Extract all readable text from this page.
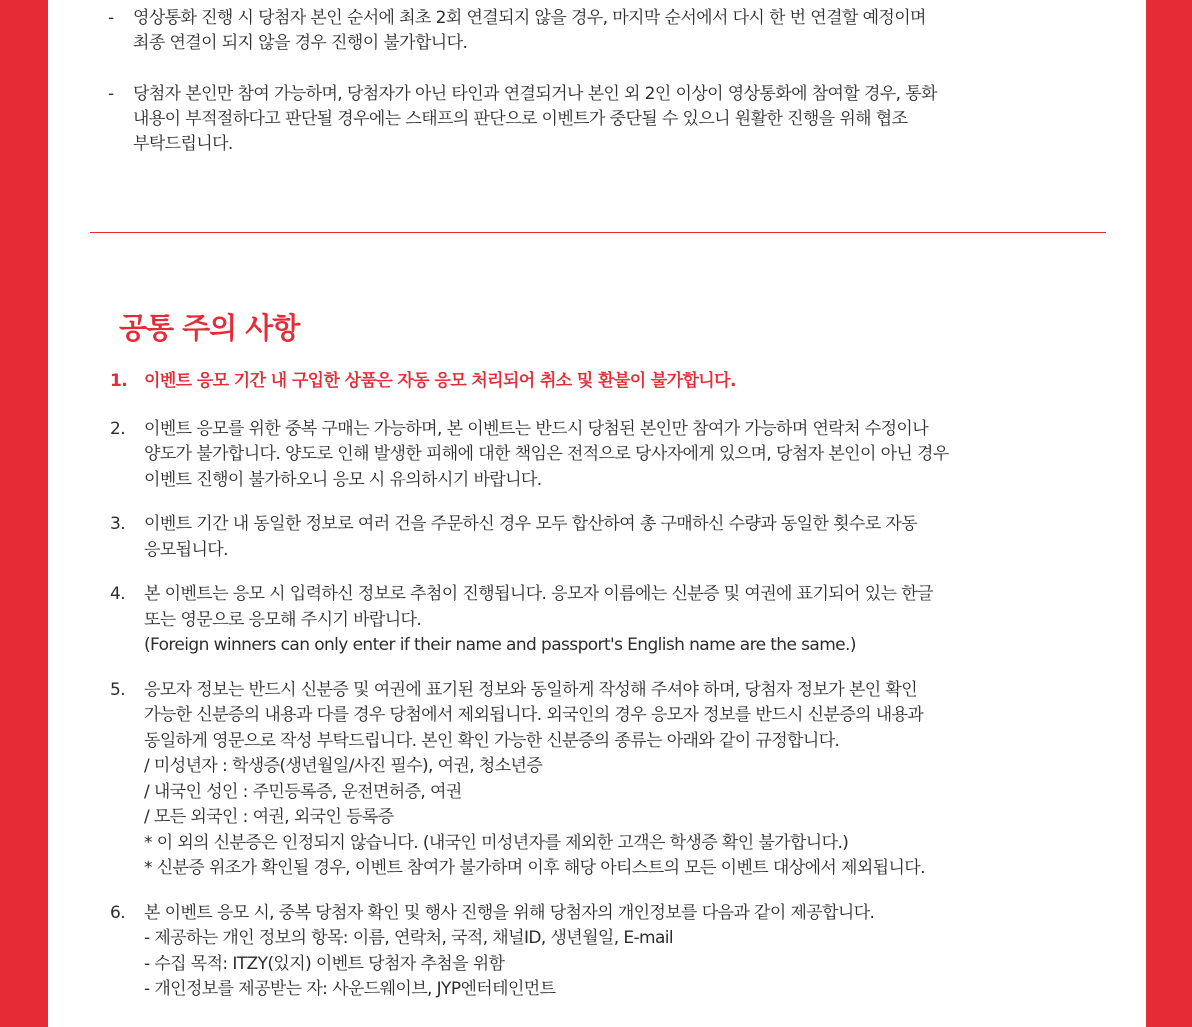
- 영상통화 진행 시 당첨자 본인 순서에 최초 2회 연결되지 않을 경우, 마지막 순서에서 다시 한 번 연결할 예정이며
최종 연결이 되지 않을 경우 진행이 불가합니다.
- 당첨자 본인만 참여 가능하며, 당첨자가 아닌 타인과 연결되거나 본인 외 2인 이상이 영상통화에 참여할 경우, 통화
내용이 부적절하다고 판단될 경우에는 스태프의 판단으로 이벤트가 중단될 수 있으니 원활한 진행을 위해 협조
부탁드립니다.
공통 주의 사항
1. 이벤트 응모 기간 내 구입한 상품은 자동 응모 처리되어 취소 및 환불이 불가합니다.
2. 이벤트 응모를 위한 중복 구매는 가능하며, 본 이벤트는 반드시 당첨된 본인만 참여가 가능하며 연락처 수정이나
양도가 불가합니다. 양도로 인해 발생한 피해에 대한 책임은 전적으로 당사자에게 있으며, 당첨자 본인이 아닌 경우
이벤트 진행이 불가하오니 응모 시 유의하시기 바랍니다.
3. 이벤트 기간 내 동일한 정보로 여러 건을 주문하신 경우 모두 합산하여 총 구매하신 수량과 동일한 횟수로 자동
응모됩니다.
4. 본 이벤트는 응모 시 입력하신 정보로 추첨이 진행됩니다. 응모자 이름에는 신분증 및 여권에 표기되어 있는 한글
또는 영문으로 응모해 주시기 바랍니다.
(Foreign winners can only enter if their name and passport's English name are the same.)
5. 응모자 정보는 반드시 신분증 및 여권에 표기된 정보와 동일하게 작성해 주셔야 하며, 당첨자 정보가 본인 확인
가능한 신분증의 내용과 다를 경우 당첨에서 제외됩니다. 외국인의 경우 응모자 정보를 반드시 신분증의 내용과
동일하게 영문으로 작성 부탁드립니다. 본인 확인 가능한 신분증의 종류는 아래와 같이 규정합니다.
/ 미성년자 : 학생증(생년월일/사진 필수), 여권, 청소년증
/ 내국인 성인 : 주민등록증, 운전면허증, 여권
/ 모든 외국인 : 여권, 외국인 등록증
* 이 외의 신분증은 인정되지 않습니다. (내국인 미성년자를 제외한 고객은 학생증 확인 불가합니다.)
* 신분증 위조가 확인될 경우, 이벤트 참여가 불가하며 이후 해당 아티스트의 모든 이벤트 대상에서 제외됩니다.
6. 본 이벤트 응모 시, 중복 당첨자 확인 및 행사 진행을 위해 당첨자의 개인정보를 다음과 같이 제공합니다.
- 제공하는 개인 정보의 항목: 이름, 연락처, 국적, 채널ID, 생년월일, E-mail
- 수집 목적: ITZY(있지) 이벤트 당첨자 추첨을 위함
- 개인정보를 제공받는 자: 사운드웨이브, JYP엔터테인먼트
